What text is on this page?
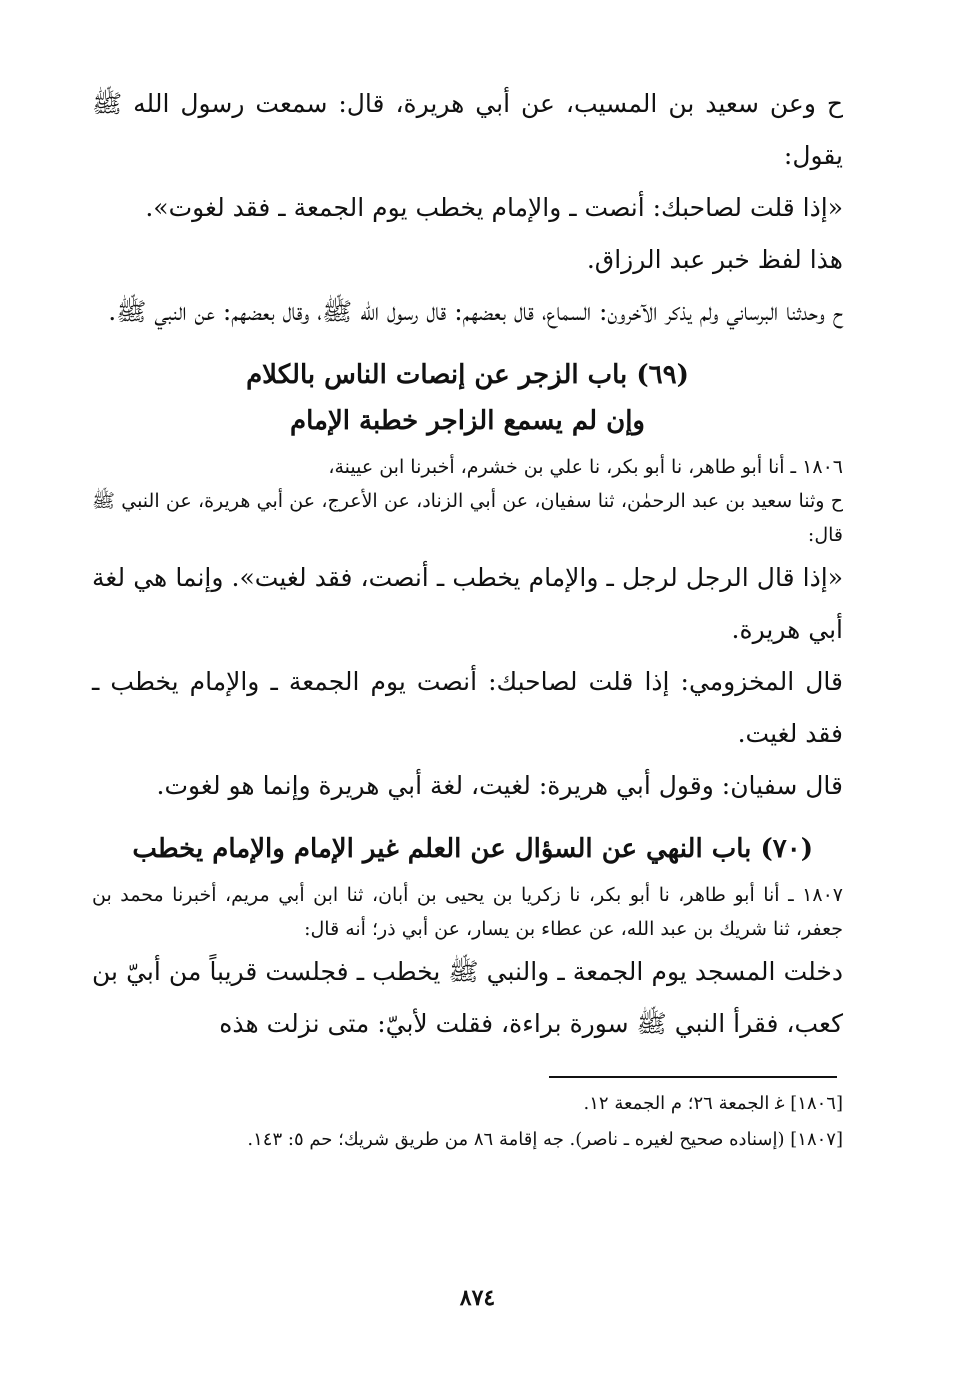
ح وعن سعيد بن المسيب، عن أبي هريرة، قال: سمعت رسول الله ﷺ يقول:

«إذا قلت لصاحبك: أنصت ـ والإمام يخطب يوم الجمعة ـ فقد لغوت».

هذا لفظ خبر عبد الرزاق.

ح وحدثنا البرساني ولم يذكر الآخرون: السماع، قال بعضهم: قال رسول الله ﷺ، وقال بعضهم: عن النبي ﷺ.

(٦٩) باب الزجر عن إنصات الناس بالكلام
وإن لم يسمع الزاجر خطبة الإمام

١٨٠٦ ـ أنا أبو طاهر، نا أبو بكر، نا علي بن خشرم، أخبرنا ابن عيينة،

ح وثنا سعيد بن عبد الرحمٰن، ثنا سفيان، عن أبي الزناد، عن الأعرج، عن أبي هريرة، عن النبي ﷺ قال:

«إذا قال الرجل لرجل ـ والإمام يخطب ـ أنصت، فقد لغيت». وإنما هي لغة أبي هريرة.

قال المخزومي: إذا قلت لصاحبك: أنصت يوم الجمعة ـ والإمام يخطب ـ فقد لغيت.

قال سفيان: وقول أبي هريرة: لغيت، لغة أبي هريرة وإنما هو لغوت.

(٧٠) باب النهي عن السؤال عن العلم غير الإمام والإمام يخطب

١٨٠٧ ـ أنا أبو طاهر، نا أبو بكر، نا زكريا بن يحيى بن أبان، ثنا ابن أبي مريم، أخبرنا محمد بن جعفر، ثنا شريك بن عبد الله، عن عطاء بن يسار، عن أبي ذر؛ أنه قال:

دخلت المسجد يوم الجمعة ـ والنبي ﷺ يخطب ـ فجلست قريباً من أبيّ بن كعب، فقرأ النبي ﷺ سورة براءة، فقلت لأبيّ: متى نزلت هذه

[١٨٠٦] ﻏ الجمعة ٢٦؛ م الجمعة ١٢.

[١٨٠٧] (إسناده صحيح لغيره ـ ناصر). جه إقامة ٨٦ من طريق شريك؛ حم ٥: ١٤٣.

٨٧٤
